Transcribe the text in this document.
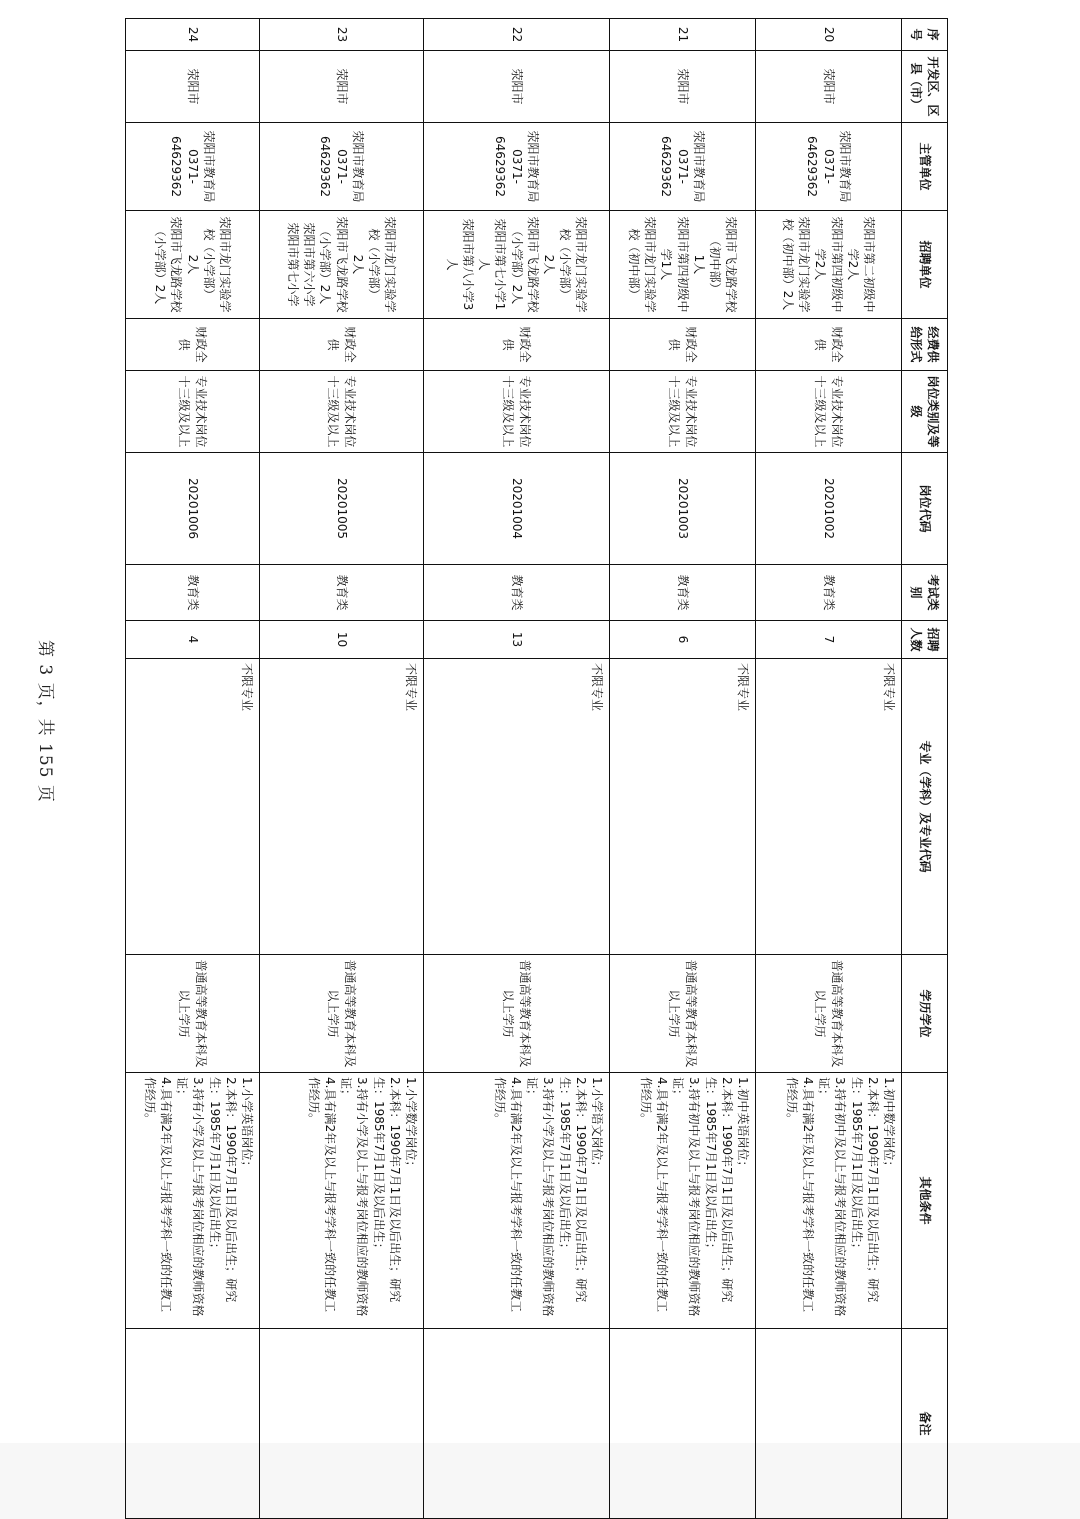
序号	开发区、区县（市）	主管单位	招聘单位	经费供给形式	岗位类别及等级	岗位代码	考试类别	招聘人数	专业（学科）及专业代码	学历学位	其他条件	备注
20	荥阳市	荥阳市教育局
0371-
64629362	荥阳市第二初级中学2人
荥阳市第四初级中学2人
荥阳市龙门实验学校（初中部）2人	财政全供	专业技术岗位十三级及以上	20201002	教育类	7	不限专业	普通高等教育本科及以上学历	1.初中数学岗位；
2.本科：1990年7月1日及以后出生；研究生：1985年7月1日及以后出生；
3.持有初中及以上与报考岗位相应的教师资格证；
4.具有满2年及以上与报考学科一致的任教工作经历。	
21	荥阳市	荥阳市教育局
0371-
64629362	荥阳市飞龙路学校（初中部）
1人
荥阳市第四初级中学1人
荥阳市龙门实验学校（初中部）	财政全供	专业技术岗位十三级及以上	20201003	教育类	6	不限专业	普通高等教育本科及以上学历	1.初中英语岗位；
2.本科：1990年7月1日及以后出生；研究生：1985年7月1日及以后出生；
3.持有初中及以上与报考岗位相应的教师资格证；
4.具有满2年及以上与报考学科一致的任教工作经历。	
22	荥阳市	荥阳市教育局
0371-
64629362	荥阳市龙门实验学校（小学部）
2人
荥阳市飞龙路学校（小学部）2人
荥阳市第七小学1人
荥阳市第八小学3人	财政全供	专业技术岗位十三级及以上	20201004	教育类	13	不限专业	普通高等教育本科及以上学历	1.小学语文岗位；
2.本科：1990年7月1日及以后出生；研究生：1985年7月1日及以后出生；
3.持有小学及以上与报考岗位相应的教师资格证；
4.具有满2年及以上与报考学科一致的任教工作经历。	
23	荥阳市	荥阳市教育局
0371-
64629362	荥阳市龙门实验学校（小学部）
2人
荥阳市飞龙路学校（小学部）2人
荥阳市第六小学
荥阳市第七小学	财政全供	专业技术岗位十三级及以上	20201005	教育类	10	不限专业	普通高等教育本科及以上学历	1.小学数学岗位；
2.本科：1990年7月1日及以后出生；研究生：1985年7月1日及以后出生；
3.持有小学及以上与报考岗位相应的教师资格证；
4.具有满2年及以上与报考学科一致的任教工作经历。	
24	荥阳市	荥阳市教育局
0371-
64629362	荥阳市龙门实验学校（小学部）
2人
荥阳市飞龙路学校（小学部）2人	财政全供	专业技术岗位十三级及以上	20201006	教育类	4	不限专业	普通高等教育本科及以上学历	1.小学英语岗位；
2.本科：1990年7月1日及以后出生；研究生：1985年7月1日及以后出生；
3.持有小学及以上与报考岗位相应的教师资格证；
4.具有满2年及以上与报考学科一致的任教工作经历。	
第 3 页，共 155 页
